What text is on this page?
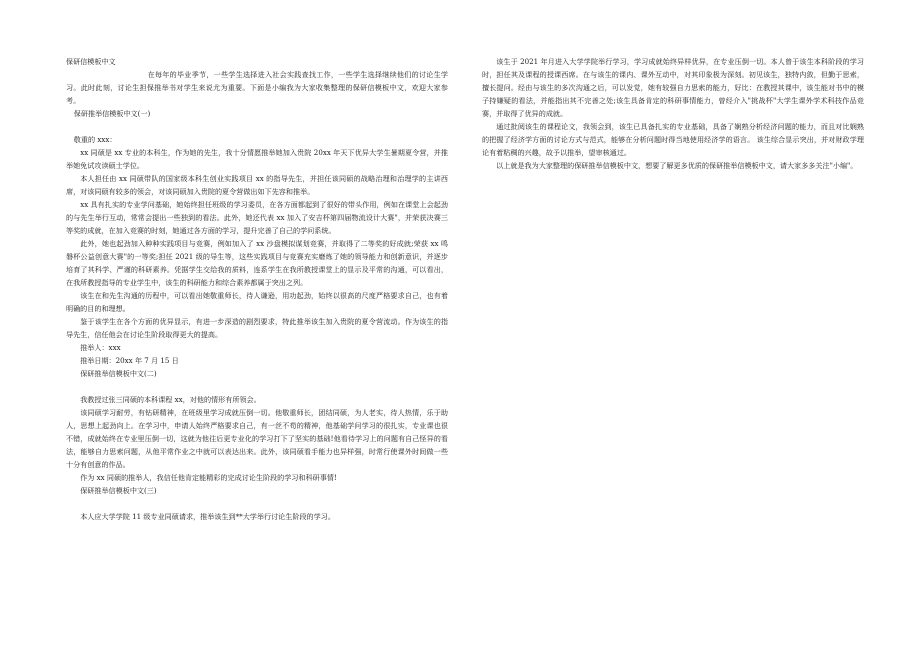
保研信模板中文

在每年的毕业季节，一些学生选择进入社会实践查找工作，一些学生选择继续他们的讨论生学习。此时此刻，讨论生担保推举书对学生来说尤为重要。下面是小编我为大家收集整理的保研信模板中文，欢迎大家参考。

保研推举信模板中文(一)

敬重的 xxx：

xx 同硕是 xx 专业的本科生，作为她的先生，我十分情愿推举她加入贵院 20xx 年天下优异大学生暑期夏令营，并推举她免试攻读硕士学位。

本人担任由 xx 同硕带队的国家级本科生创业实践项目 xx 的指导先生，并担任该同硕的战略治理和治理学的主讲西席，对该同硕有较多的领会，对该同硕加入贵院的夏令营做出如下先容和推举。

xx 具有扎实的专业学问基础，她始终担任班级的学习委员，在各方面都起到了很好的带头作用，例如在课堂上会起劲的与先生举行互动，常常会提出一些独到的看法。此外，她还代表 xx 加入了安吉杯第四届物流设计大赛"，并荣获决赛三等奖的成就，在加入竞赛的时刻，她通过各方面的学习，提升完善了自己的学问系统。

此外，她也起劲加入种种实践项目与竞赛，例如加入了 xx 沙盘模拟谋划竞赛，并取得了二等奖的好成就;荣获 xx 鸣磐杯公益创意大赛"的一等奖;担任 2021 级的导生等，这些实践项目与竞赛充实磨炼了她的领导能力和创新意识，并逐步培育了其科学、严谨的科研素养。凭据学生交给我的质料，连系学生在我所教授课堂上的显示及平常的沟通，可以看出，在我所教授指导的专业学生中，该生的科研能力和综合素养都属于突出之列。

该生在和先生沟通的历程中，可以看出她敬重师长，待人谦逊，用功起劲，始终以很高的尺度严格要求自己，也有着明确的目的和理想。

鉴于该学生在各个方面的优异显示，有进一步深造的剧烈要求，特此推举该生加入贵院的夏令营流动。作为该生的指导先生，信任他会在讨论生阶段取得更大的提高。

推举人：xxx

推举日期：20xx 年 7 月 15 日

保研推举信模板中文(二)

我教授过张三同硕的本科课程 xx，对他的情形有所领会。

该同硕学习耐劳，有钻研精神，在班级里学习成就压倒一切。他敬重师长，团结同硕，为人老实，待人热情，乐于助人，思想上起劲向上。在学习中，申请人始终严格要求自己，有一丝不苟的精神，他基础学问学习的很扎实，专业课也很不错，成就始终在专业里压倒一切，这就为他往后更专业化的学习打下了坚实的基础!他看待学习上的问题有自己怪异的看法，能够自力思索问题，从他平常作业之中就可以表达出来。此外，该同硕看手能力也异样强，时常行使课外时间做一些十分有创意的作品。

作为 xx 同硕的推举人，我信任他肯定能精彩的完成讨论生阶段的学习和科研事情!

保研推举信模板中文(三)

本人应大学学院 11 级专业同硕请求，推举该生到**大学举行讨论生阶段的学习。

该生于 2021 年月进入大学学院举行学习，学习成就始终异样优异，在专业压倒一切。本人曾于该生本科阶段的学习时，担任其及课程的授课西席。在与该生的课内、课外互动中，对其印象极为深刻。初见该生，独特内敛，但勤于思索，擅长提问。经由与该生的多次沟通之后，可以发觉，她有较强自力思索的能力，好比：在教授其课中，该生能对书中的模子持嫌疑的看法，并能指出其不完善之处;该生具备肯定的科研事情能力，曾经介入"挑战杯"大学生课外学术科技作品竞赛，并取得了优异的成就。

通过批阅该生的课程论文，我领会到，该生已具备扎实的专业基础，具备了娴熟分析经济问题的能力，而且对比娴熟的把握了经济学方面的讨论方式与范式，能够在分析问题时得当地使用经济学的语言。 该生综合显示突出，并对财政学理论有着粘稠的兴趣，故予以推举，望审核通过。

以上就是我为大家整理的保研推举信模板中文，想要了解更多优质的保研推举信模板中文，请大家多多关注"小编"。
